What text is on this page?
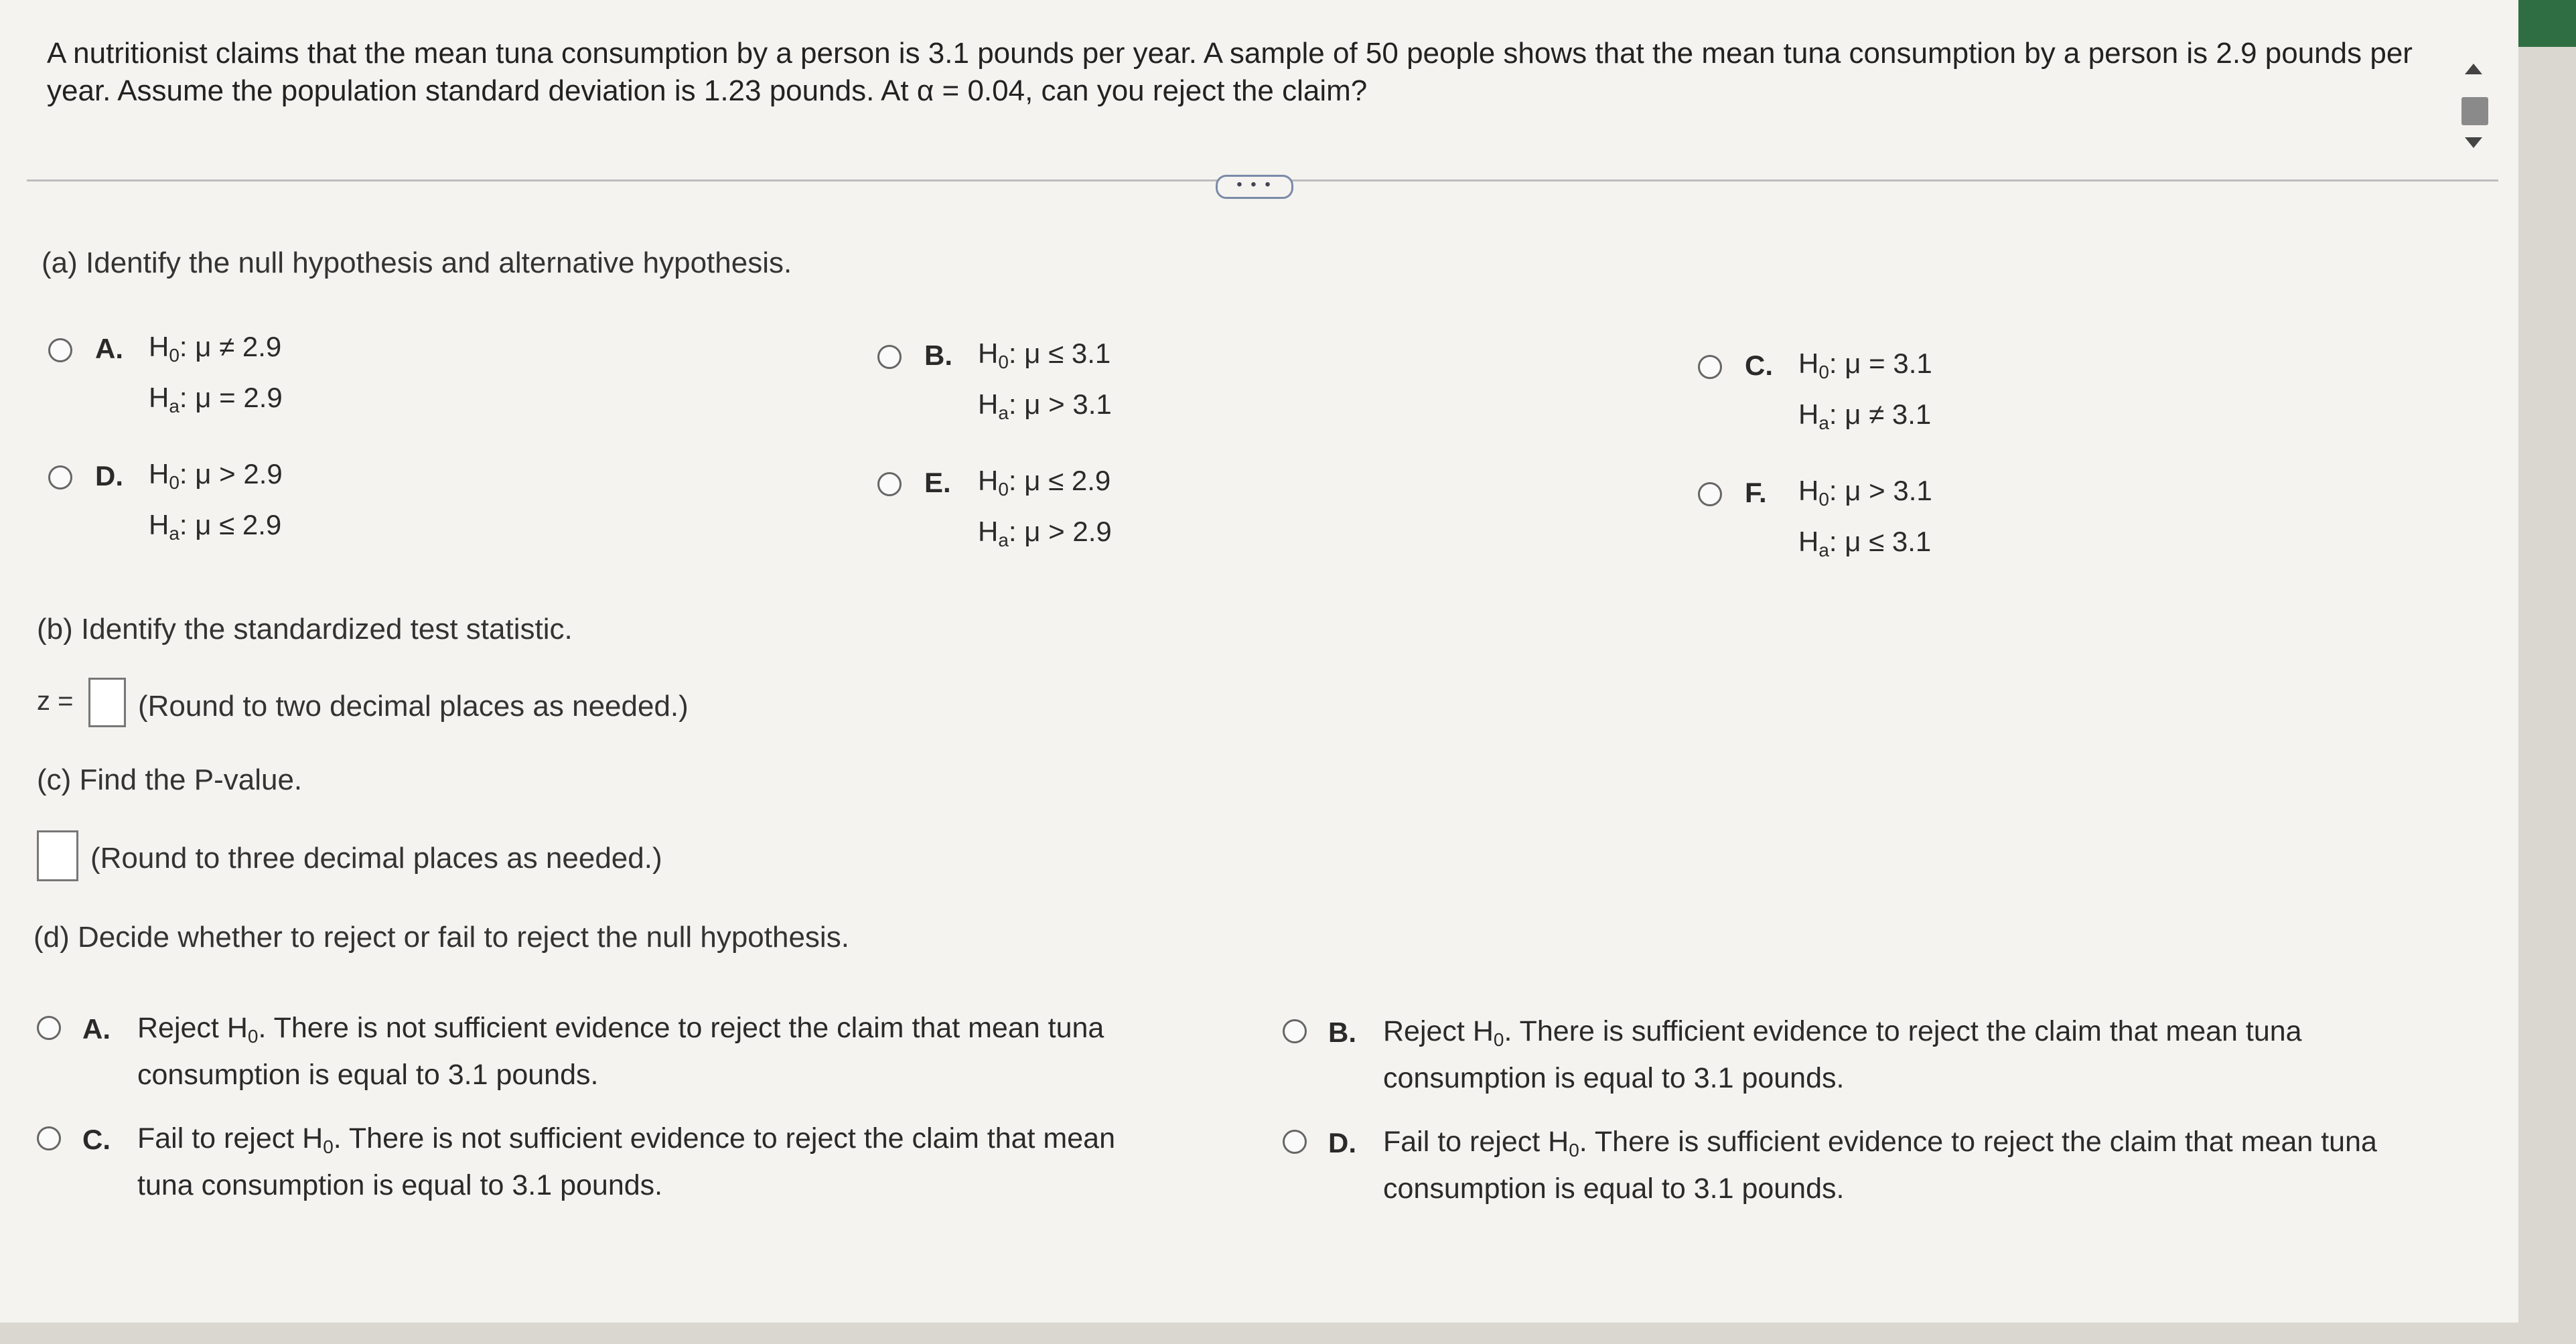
A nutritionist claims that the mean tuna consumption by a person is 3.1 pounds per year. A sample of 50 people shows that the mean tuna consumption by a person is 2.9 pounds per year. Assume the population standard deviation is 1.23 pounds. At α = 0.04, can you reject the claim?
• • •
(a) Identify the null hypothesis and alternative hypothesis.
A. $H_0$: μ ≠ 2.9
$H_a$: μ = 2.9
B. $H_0$: μ ≤ 3.1
$H_a$: μ > 3.1
C. $H_0$: μ = 3.1
$H_a$: μ ≠ 3.1
D. $H_0$: μ > 2.9
$H_a$: μ ≤ 2.9
E. $H_0$: μ ≤ 2.9
$H_a$: μ > 2.9
F. $H_0$: μ > 3.1
$H_a$: μ ≤ 3.1
(b) Identify the standardized test statistic.
z = (Round to two decimal places as needed.)
(c) Find the P-value.
(Round to three decimal places as needed.)
(d) Decide whether to reject or fail to reject the null hypothesis.
A. Reject $H_0$. There is not sufficient evidence to reject the claim that mean tuna
consumption is equal to 3.1 pounds.
B. Reject $H_0$. There is sufficient evidence to reject the claim that mean tuna
consumption is equal to 3.1 pounds.
C. Fail to reject $H_0$. There is not sufficient evidence to reject the claim that mean
tuna consumption is equal to 3.1 pounds.
D. Fail to reject $H_0$. There is sufficient evidence to reject the claim that mean tuna
consumption is equal to 3.1 pounds.
